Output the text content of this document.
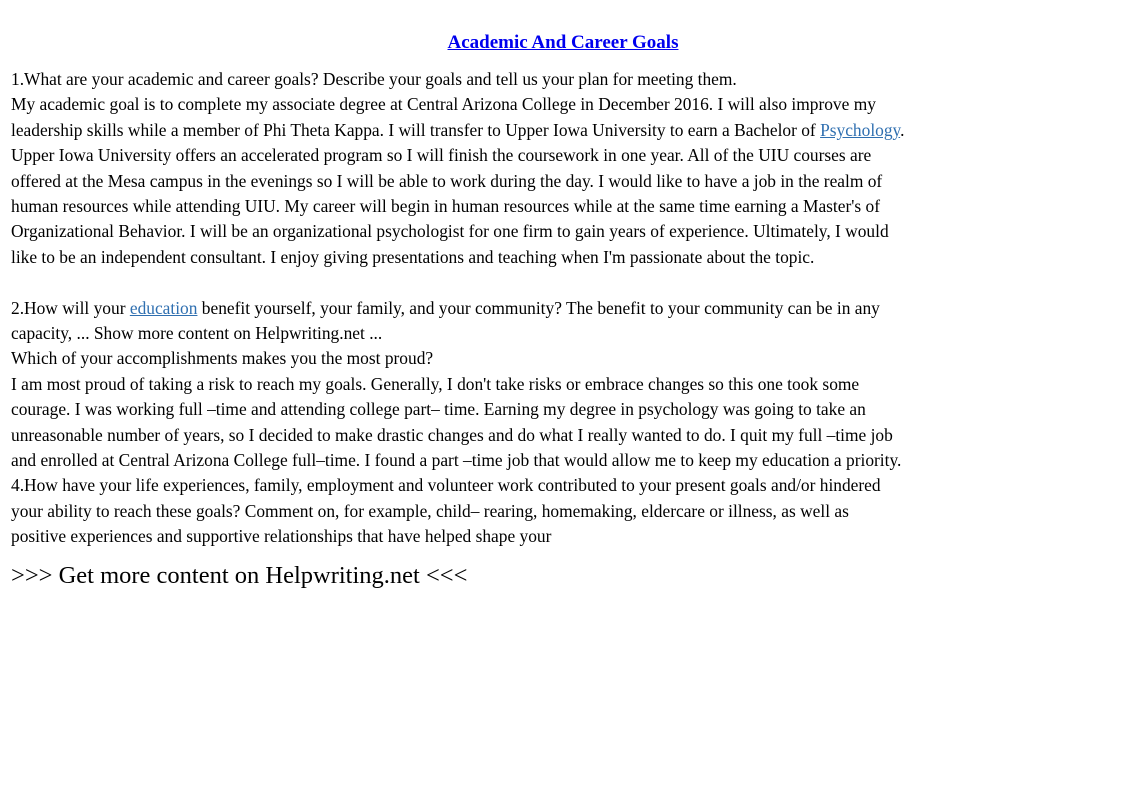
Academic And Career Goals
1.What are your academic and career goals? Describe your goals and tell us your plan for meeting them.
My academic goal is to complete my associate degree at Central Arizona College in December 2016. I will also improve my
leadership skills while a member of Phi Theta Kappa. I will transfer to Upper Iowa University to earn a Bachelor of Psychology.
Upper Iowa University offers an accelerated program so I will finish the coursework in one year. All of the UIU courses are
offered at the Mesa campus in the evenings so I will be able to work during the day. I would like to have a job in the realm of
human resources while attending UIU. My career will begin in human resources while at the same time earning a Master's of
Organizational Behavior. I will be an organizational psychologist for one firm to gain years of experience. Ultimately, I would
like to be an independent consultant. I enjoy giving presentations and teaching when I'm passionate about the topic.
2.How will your education benefit yourself, your family, and your community? The benefit to your community can be in any
capacity, ... Show more content on Helpwriting.net ...
Which of your accomplishments makes you the most proud?
I am most proud of taking a risk to reach my goals. Generally, I don't take risks or embrace changes so this one took some
courage. I was working full –time and attending college part– time. Earning my degree in psychology was going to take an
unreasonable number of years, so I decided to make drastic changes and do what I really wanted to do. I quit my full –time job
and enrolled at Central Arizona College full–time. I found a part –time job that would allow me to keep my education a priority.
4.How have your life experiences, family, employment and volunteer work contributed to your present goals and/or hindered
your ability to reach these goals? Comment on, for example, child– rearing, homemaking, eldercare or illness, as well as
positive experiences and supportive relationships that have helped shape your
>>> Get more content on Helpwriting.net <<<
